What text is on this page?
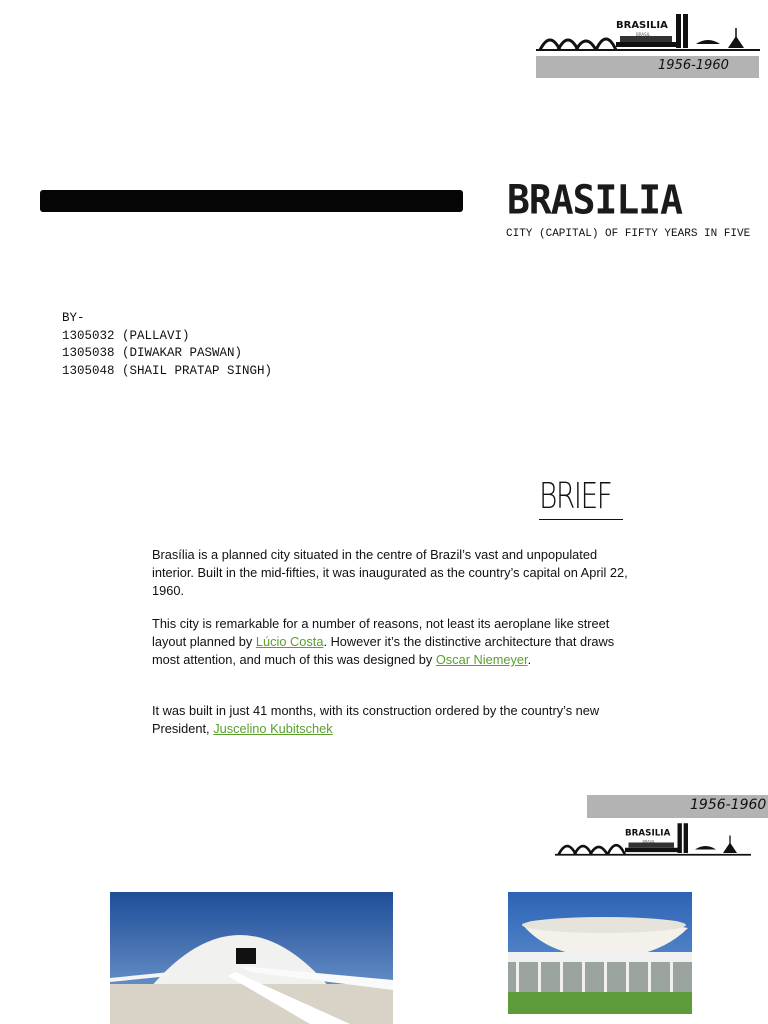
BRASILIA
BRASIL
1956-1960
BRASILIA
CITY (CAPITAL) OF FIFTY YEARS IN FIVE
BY-
1305032 (PALLAVI)
1305038 (DIWAKAR PASWAN)
1305048 (SHAIL PRATAP SINGH)
BRIEF
Brasília is a planned city situated in the centre of Brazil’s vast and unpopulated interior. Built in the mid-fifties, it was inaugurated as the country’s capital on April 22, 1960.
This city is remarkable for a number of reasons, not least its aeroplane like street layout planned by Lúcio Costa. However it’s the distinctive architecture that draws most attention, and much of this was designed by Oscar Niemeyer.
It was built in just 41 months, with its construction ordered by the country’s new President, Juscelino Kubitschek
1956-1960
BRASILIA
BRASIL
